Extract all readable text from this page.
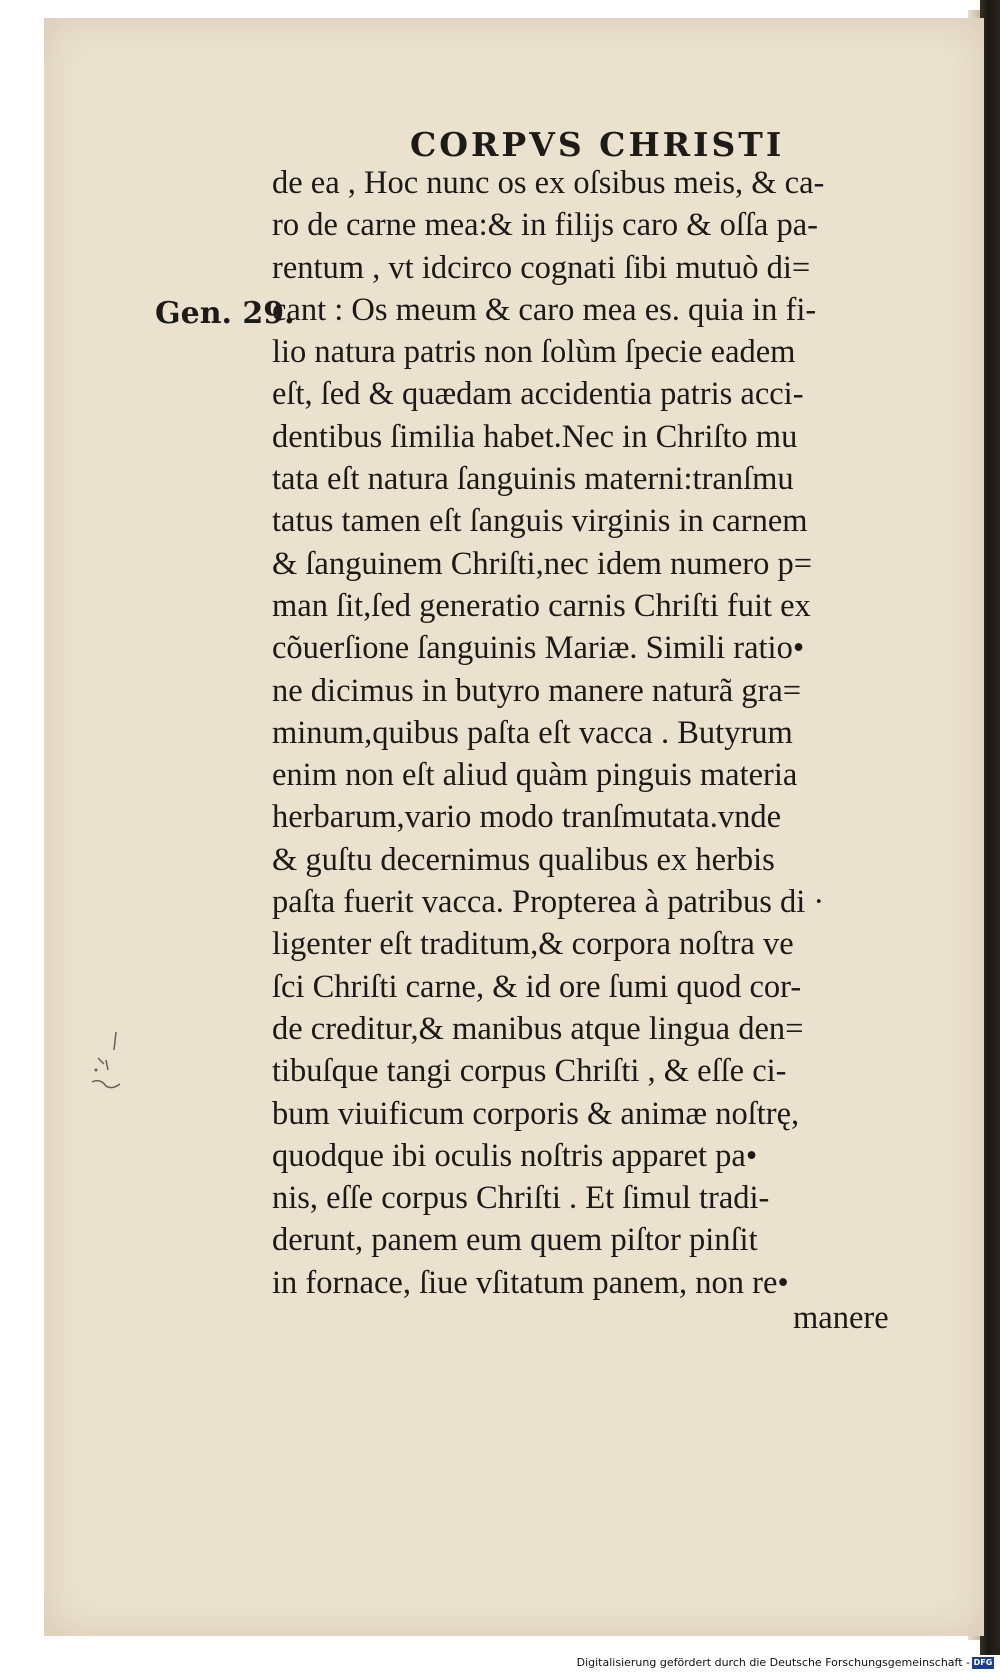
CORPVS CHRISTI
Gen. 29.
de ea , Hoc nunc os ex oſsibus meis, & ca-
ro de carne mea:& in filijs caro & oſſa pa-
rentum , vt idcirco cognati ſibi mutuò di=
cant : Os meum & caro mea es. quia in fi-
lio natura patris non ſolùm ſpecie eadem
eſt, ſed & quædam accidentia patris acci-
dentibus ſimilia habet.Nec in Chriſto mu
tata eſt natura ſanguinis materni:tranſmu
tatus tamen eſt ſanguis virginis in carnem
& ſanguinem Chriſti,nec idem numero p=
man ſit,ſed generatio carnis Chriſti fuit ex
cõuerſione ſanguinis Mariæ. Simili ratio•
ne dicimus in butyro manere naturã gra=
minum,quibus paſta eſt vacca . Butyrum
enim non eſt aliud quàm pinguis materia
herbarum,vario modo tranſmutata.vnde
& guſtu decernimus qualibus ex herbis
paſta fuerit vacca. Propterea à patribus di ·
ligenter eſt traditum,& corpora noſtra ve
ſci Chriſti carne, & id ore ſumi quod cor-
de creditur,& manibus atque lingua den=
tibuſque tangi corpus Chriſti , & eſſe ci-
bum viuificum corporis & animæ noſtrę,
quodque ibi oculis noſtris apparet pa•
nis, eſſe corpus Chriſti . Et ſimul tradi-
derunt, panem eum quem piſtor pinſit
in fornace, ſiue vſitatum panem, non re•
manere
Digitalisierung gefördert durch die Deutsche Forschungsgemeinschaft - DFG
